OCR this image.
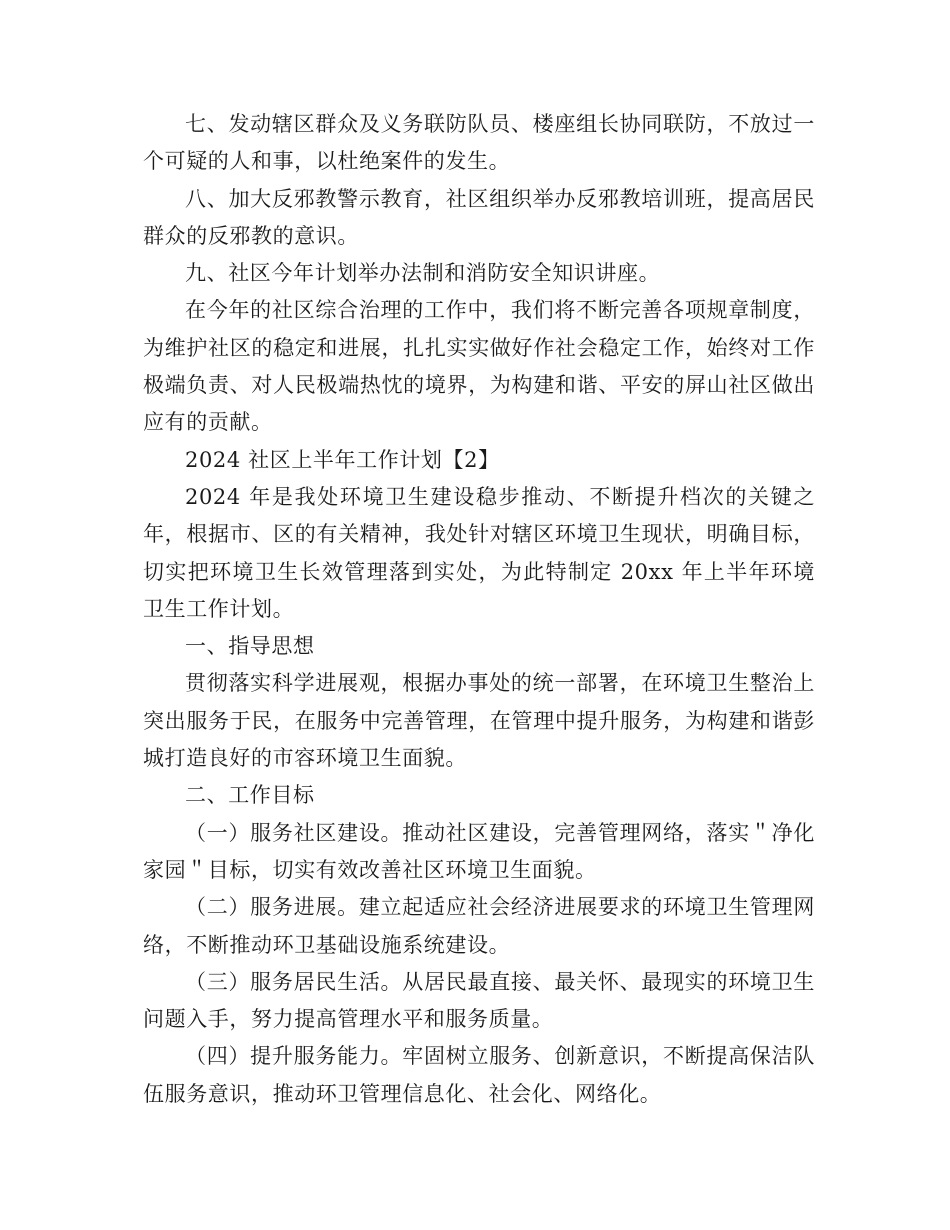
七、发动辖区群众及义务联防队员、楼座组长协同联防，不放过一个可疑的人和事，以杜绝案件的发生。

八、加大反邪教警示教育，社区组织举办反邪教培训班，提高居民群众的反邪教的意识。

九、社区今年计划举办法制和消防安全知识讲座。

在今年的社区综合治理的工作中，我们将不断完善各项规章制度，为维护社区的稳定和进展，扎扎实实做好作社会稳定工作，始终对工作极端负责、对人民极端热忱的境界，为构建和谐、平安的屏山社区做出应有的贡献。

2024 社区上半年工作计划【2】

2024 年是我处环境卫生建设稳步推动、不断提升档次的关键之年，根据市、区的有关精神，我处针对辖区环境卫生现状，明确目标，切实把环境卫生长效管理落到实处，为此特制定 20xx 年上半年环境卫生工作计划。

一、指导思想

贯彻落实科学进展观，根据办事处的统一部署，在环境卫生整治上突出服务于民，在服务中完善管理，在管理中提升服务，为构建和谐彭城打造良好的市容环境卫生面貌。

二、工作目标

（一）服务社区建设。推动社区建设，完善管理网络，落实＂净化家园＂目标，切实有效改善社区环境卫生面貌。

（二）服务进展。建立起适应社会经济进展要求的环境卫生管理网络，不断推动环卫基础设施系统建设。

（三）服务居民生活。从居民最直接、最关怀、最现实的环境卫生问题入手，努力提高管理水平和服务质量。

（四）提升服务能力。牢固树立服务、创新意识，不断提高保洁队伍服务意识，推动环卫管理信息化、社会化、网络化。
